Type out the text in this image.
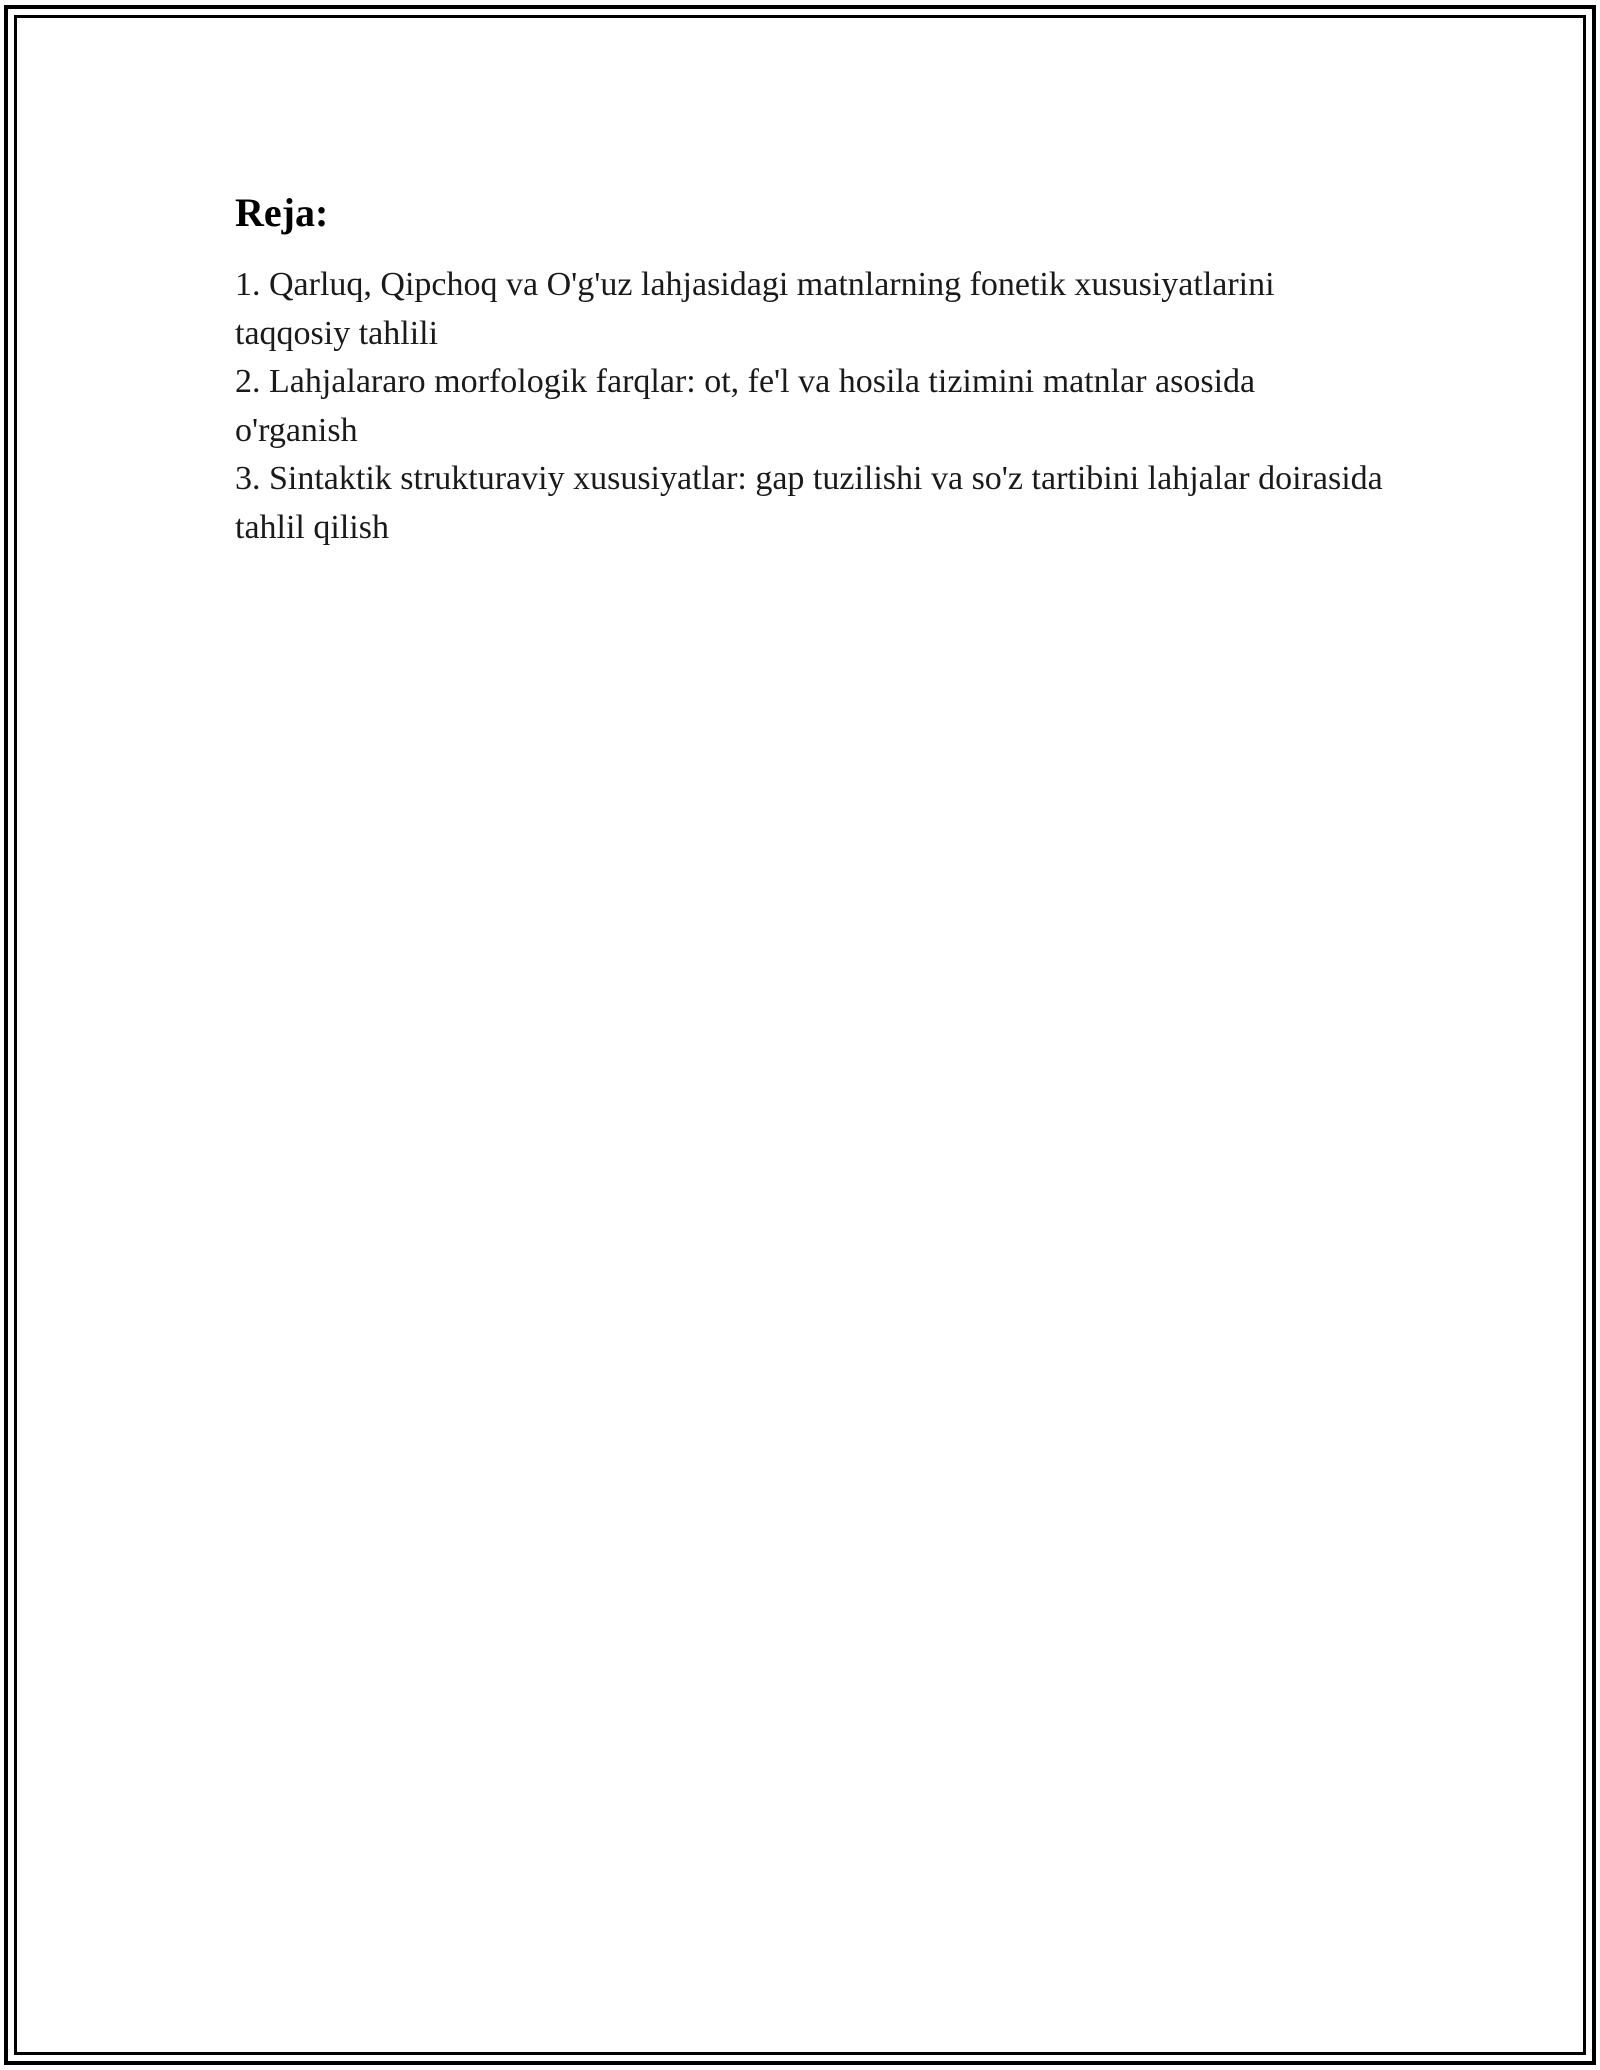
Reja:

1. Qarluq, Qipchoq va O'g'uz lahjasidagi matnlarning fonetik xususiyatlarini taqqosiy tahlili

2. Lahjalararo morfologik farqlar: ot, fe'l va hosila tizimini matnlar asosida o'rganish

3. Sintaktik strukturaviy xususiyatlar: gap tuzilishi va so'z tartibini lahjalar doirasida tahlil qilish
